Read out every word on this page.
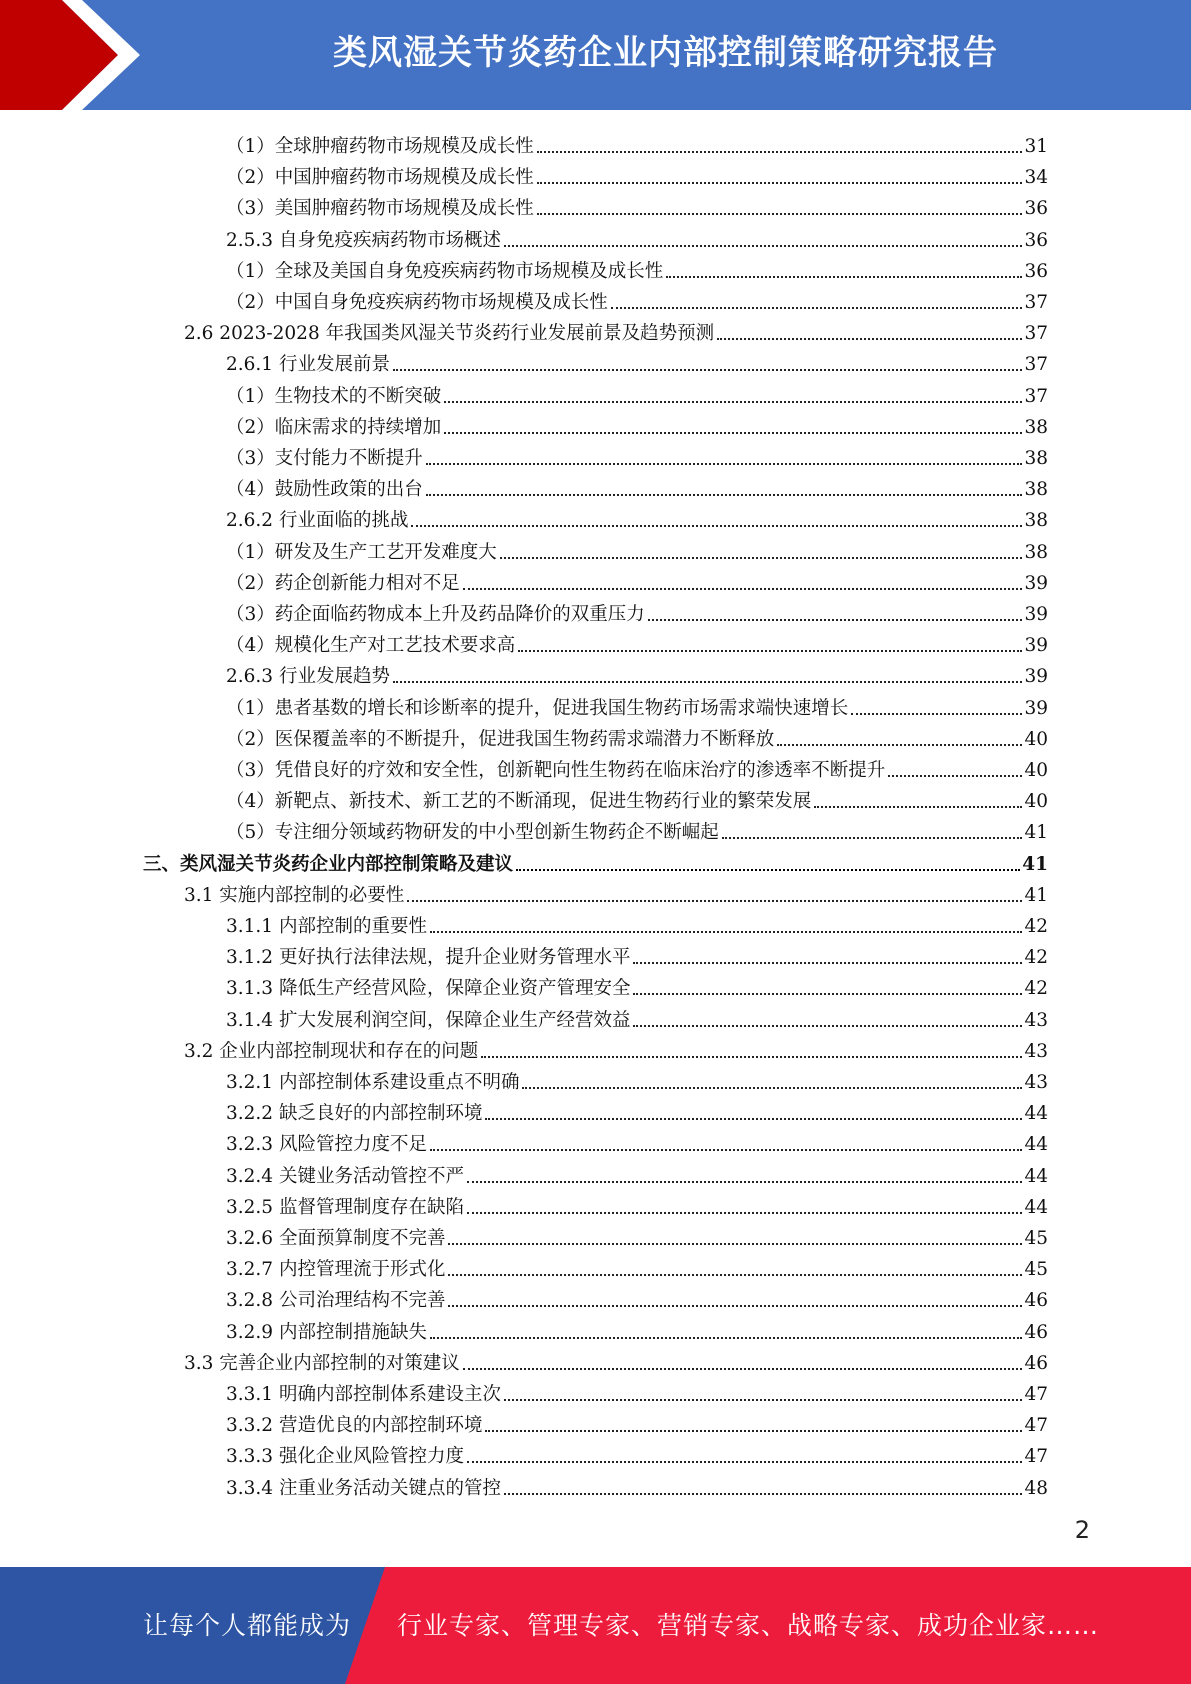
类风湿关节炎药企业内部控制策略研究报告
（1）全球肿瘤药物市场规模及成长性	31
（2）中国肿瘤药物市场规模及成长性	34
（3）美国肿瘤药物市场规模及成长性	36
2.5.3 自身免疫疾病药物市场概述	36
（1）全球及美国自身免疫疾病药物市场规模及成长性	36
（2）中国自身免疫疾病药物市场规模及成长性	37
2.6 2023-2028 年我国类风湿关节炎药行业发展前景及趋势预测	37
2.6.1 行业发展前景	37
（1）生物技术的不断突破	37
（2）临床需求的持续增加	38
（3）支付能力不断提升	38
（4）鼓励性政策的出台	38
2.6.2 行业面临的挑战	38
（1）研发及生产工艺开发难度大	38
（2）药企创新能力相对不足	39
（3）药企面临药物成本上升及药品降价的双重压力	39
（4）规模化生产对工艺技术要求高	39
2.6.3 行业发展趋势	39
（1）患者基数的增长和诊断率的提升，促进我国生物药市场需求端快速增长	39
（2）医保覆盖率的不断提升，促进我国生物药需求端潜力不断释放	40
（3）凭借良好的疗效和安全性，创新靶向性生物药在临床治疗的渗透率不断提升	40
（4）新靶点、新技术、新工艺的不断涌现，促进生物药行业的繁荣发展	40
（5）专注细分领域药物研发的中小型创新生物药企不断崛起	41
三、类风湿关节炎药企业内部控制策略及建议	41
3.1 实施内部控制的必要性	41
3.1.1 内部控制的重要性	42
3.1.2 更好执行法律法规，提升企业财务管理水平	42
3.1.3 降低生产经营风险，保障企业资产管理安全	42
3.1.4 扩大发展利润空间，保障企业生产经营效益	43
3.2 企业内部控制现状和存在的问题	43
3.2.1 内部控制体系建设重点不明确	43
3.2.2 缺乏良好的内部控制环境	44
3.2.3 风险管控力度不足	44
3.2.4 关键业务活动管控不严	44
3.2.5 监督管理制度存在缺陷	44
3.2.6 全面预算制度不完善	45
3.2.7 内控管理流于形式化	45
3.2.8 公司治理结构不完善	46
3.2.9 内部控制措施缺失	46
3.3 完善企业内部控制的对策建议	46
3.3.1 明确内部控制体系建设主次	47
3.3.2 营造优良的内部控制环境	47
3.3.3 强化企业风险管控力度	47
3.3.4 注重业务活动关键点的管控	48
2
让每个人都能成为 行业专家、管理专家、营销专家、战略专家、成功企业家……
